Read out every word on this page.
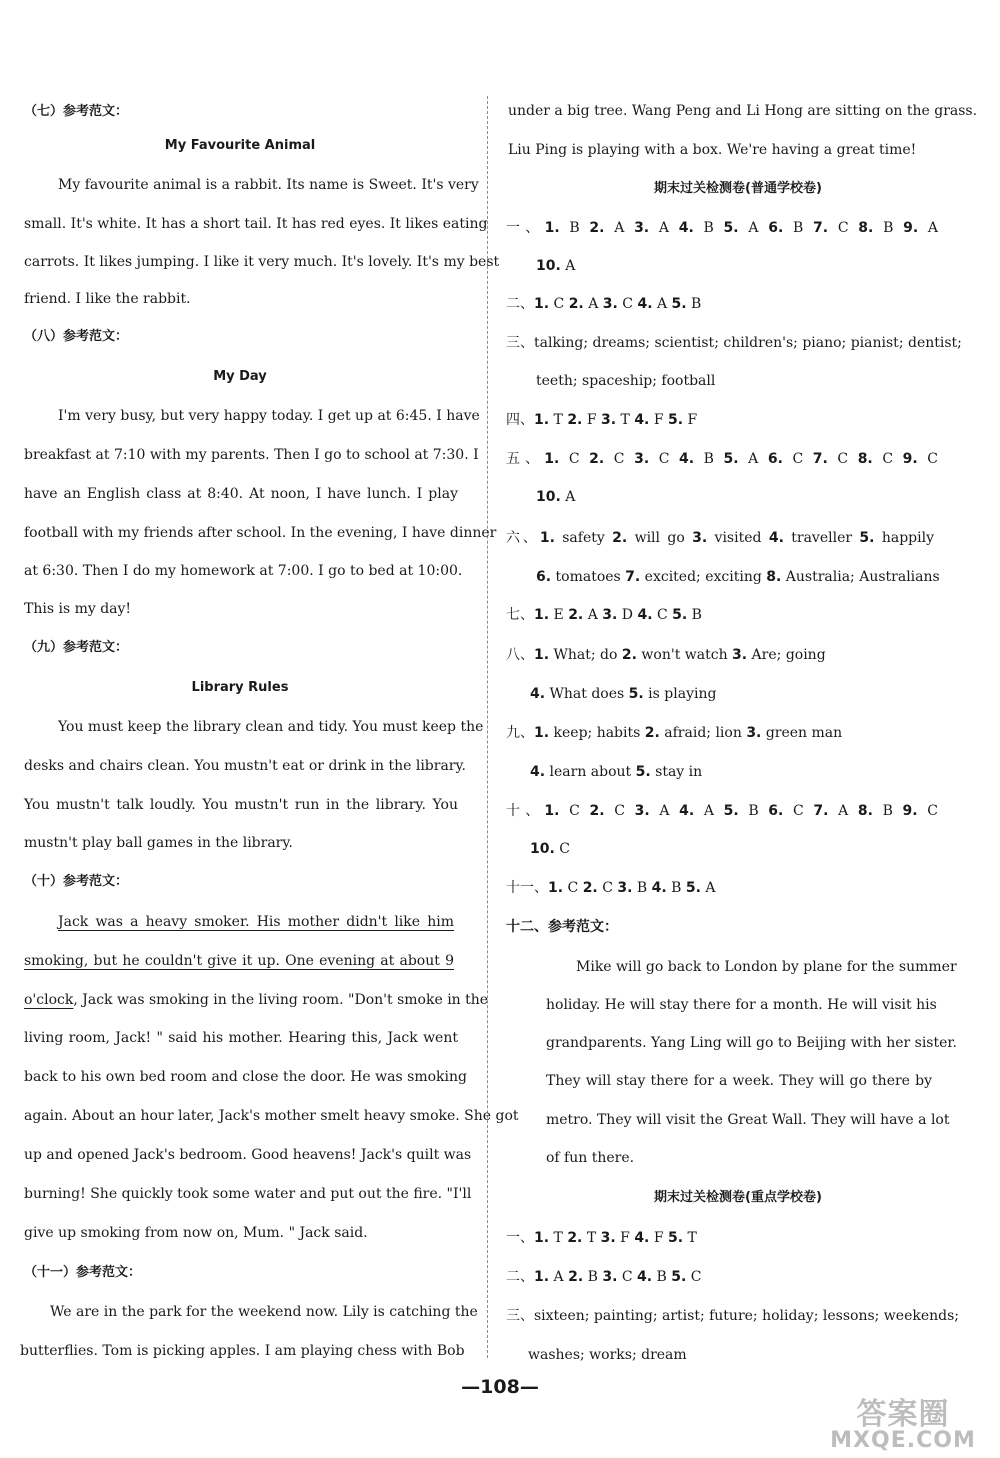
（七）参考范文：
My Favourite Animal
My favourite animal is a rabbit. Its name is Sweet. It's very
small. It's white. It has a short tail. It has red eyes. It likes eating
carrots. It likes jumping. I like it very much. It's lovely. It's my best
friend. I like the rabbit.
（八）参考范文：
My Day
I'm very busy, but very happy today. I get up at 6:45. I have
breakfast at 7:10 with my parents. Then I go to school at 7:30. I
have an English class at 8:40. At noon, I have lunch. I play
football with my friends after school. In the evening, I have dinner
at 6:30. Then I do my homework at 7:00. I go to bed at 10:00.
This is my day!
（九）参考范文：
Library Rules
You must keep the library clean and tidy. You must keep the
desks and chairs clean. You mustn't eat or drink in the library.
You mustn't talk loudly. You mustn't run in the library. You
mustn't play ball games in the library.
（十）参考范文：
Jack was a heavy smoker. His mother didn't like him
smoking, but he couldn't give it up. One evening at about 9
o'clock, Jack was smoking in the living room. "Don't smoke in the
living room, Jack! " said his mother. Hearing this, Jack went
back to his own bed room and close the door. He was smoking
again. About an hour later, Jack's mother smelt heavy smoke. She got
up and opened Jack's bedroom. Good heavens! Jack's quilt was
burning! She quickly took some water and put out the fire. "I'll
give up smoking from now on, Mum. " Jack said.
（十一）参考范文：
We are in the park for the weekend now. Lily is catching the
butterflies. Tom is picking apples. I am playing chess with Bob
under a big tree. Wang Peng and Li Hong are sitting on the grass.
Liu Ping is playing with a box. We're having a great time!
期末过关检测卷(普通学校卷)
一、1. B 2. A 3. A 4. B 5. A 6. B 7. C 8. B 9. A
10. A
二、1. C 2. A 3. C 4. A 5. B
三、talking; dreams; scientist; children's; piano; pianist; dentist;
teeth; spaceship; football
四、1. T 2. F 3. T 4. F 5. F
五、1. C 2. C 3. C 4. B 5. A 6. C 7. C 8. C 9. C
10. A
六、1. safety 2. will go 3. visited 4. traveller 5. happily
6. tomatoes 7. excited; exciting 8. Australia; Australians
七、1. E 2. A 3. D 4. C 5. B
八、1. What; do 2. won't watch 3. Are; going
4. What does 5. is playing
九、1. keep; habits 2. afraid; lion 3. green man
4. learn about 5. stay in
十、1. C 2. C 3. A 4. A 5. B 6. C 7. A 8. B 9. C
10. C
十一、1. C 2. C 3. B 4. B 5. A
十二、参考范文：
Mike will go back to London by plane for the summer
holiday. He will stay there for a month. He will visit his
grandparents. Yang Ling will go to Beijing with her sister.
They will stay there for a week. They will go there by
metro. They will visit the Great Wall. They will have a lot
of fun there.
期末过关检测卷(重点学校卷)
一、1. T 2. T 3. F 4. F 5. T
二、1. A 2. B 3. C 4. B 5. C
三、sixteen; painting; artist; future; holiday; lessons; weekends;
washes; works; dream
—108—
答案圈
MXQE.COM
